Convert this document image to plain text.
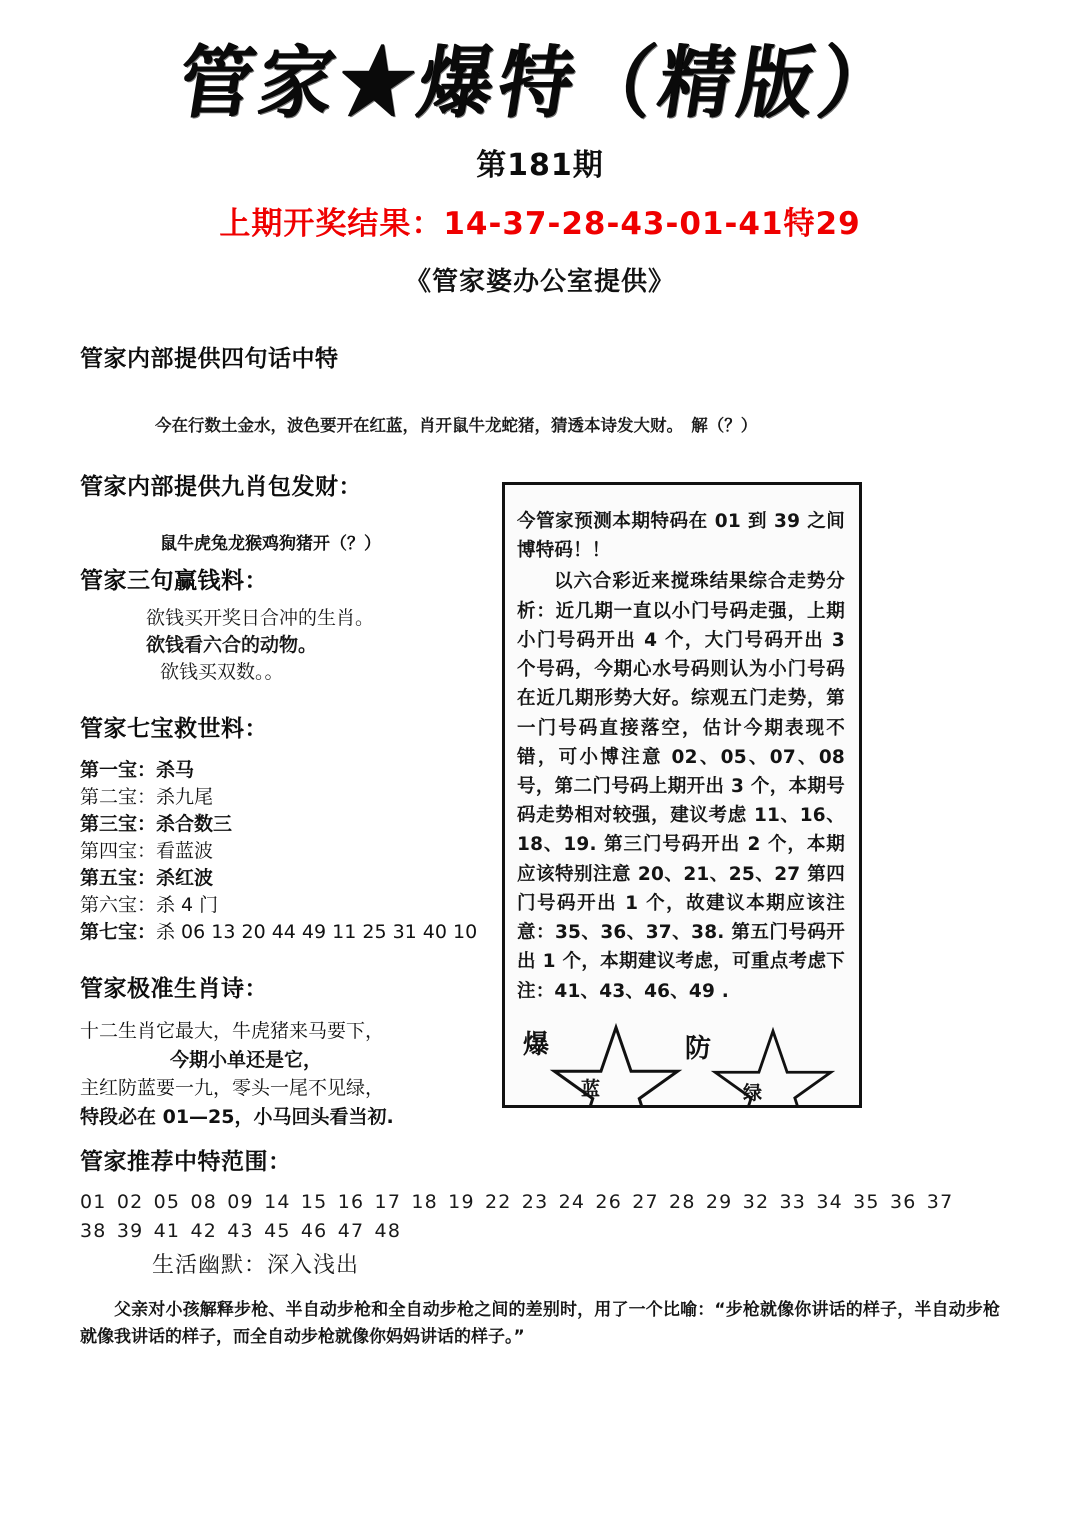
管家★爆特（精版）
第181期
上期开奖结果：14-37-28-43-01-41特29
《管家婆办公室提供》
管家内部提供四句话中特
今在行数土金水，波色要开在红蓝，肖开鼠牛龙蛇猪，猜透本诗发大财。　解（？）
管家内部提供九肖包发财：
鼠牛虎兔龙猴鸡狗猪开（？）
管家三句赢钱料：
欲钱买开奖日合冲的生肖。
欲钱看六合的动物。
欲钱买双数。。
管家七宝救世料：
第一宝：杀马
第二宝：杀九尾
第三宝：杀合数三
第四宝：看蓝波
第五宝：杀红波
第六宝：杀 4 门
第七宝：杀 06 13 20 44 49 11 25 31 40 10
管家极准生肖诗：
十二生肖它最大，牛虎猪来马要下，
今期小单还是它，
主红防蓝要一九，零头一尾不见绿，
特段必在 01—25，小马回头看当初.
今管家预测本期特码在 01 到 39 之间博特码！！
以六合彩近来搅珠结果综合走势分析：近几期一直以小门号码走强，上期小门号码开出 4 个，大门号码开出 3 个号码，今期心水号码则认为小门号码在近几期形势大好。综观五门走势，第一门号码直接落空，估计今期表现不错，可小博注意 02、05、07、08 号，第二门号码上期开出 3 个，本期号码走势相对较强，建议考虑 11、16、18、19. 第三门号码开出 2 个，本期应该特别注意 20、21、25、27 第四门号码开出 1 个，故建议本期应该注意：35、36、37、38. 第五门号码开出 1 个，本期建议考虑，可重点考虑下注：41、43、46、49 .
爆
蓝
防
绿
管家推荐中特范围：
01 02 05 08 09 14 15 16 17 18 19 22 23 24 26 27 28 29 32 33 34 35 36 37 38 39 41 42 43 45 46 47 48
生活幽默：深入浅出
父亲对小孩解释步枪、半自动步枪和全自动步枪之间的差别时，用了一个比喻：“步枪就像你讲话的样子，半自动步枪就像我讲话的样子，而全自动步枪就像你妈妈讲话的样子。”
